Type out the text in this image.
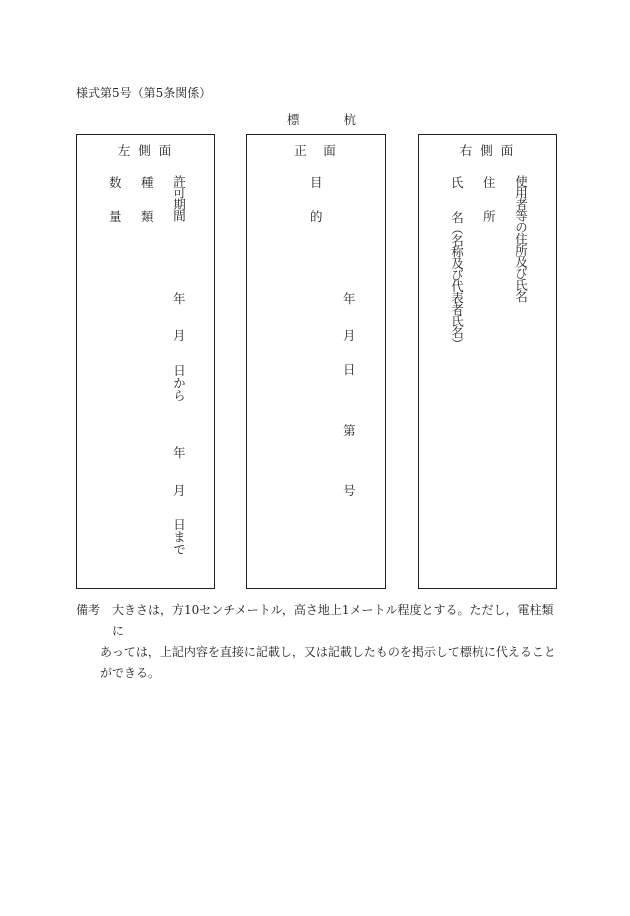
様式第5号（第5条関係）
標	杭
左 側 面
数
量
種
類 許可期間
年
月
日から
年
月
日まで
正　面
目
的
年
月
日
第
号
右 側 面
氏
名（名称及び代表者氏名）
住
所 使用者等の住所及び氏名
備考 大きさは，方10センチメートル，高さ地上1メートル程度とする。ただし，電柱類に
あっては，上記内容を直接に記載し，又は記載したものを掲示して標杭に代えること
ができる。
